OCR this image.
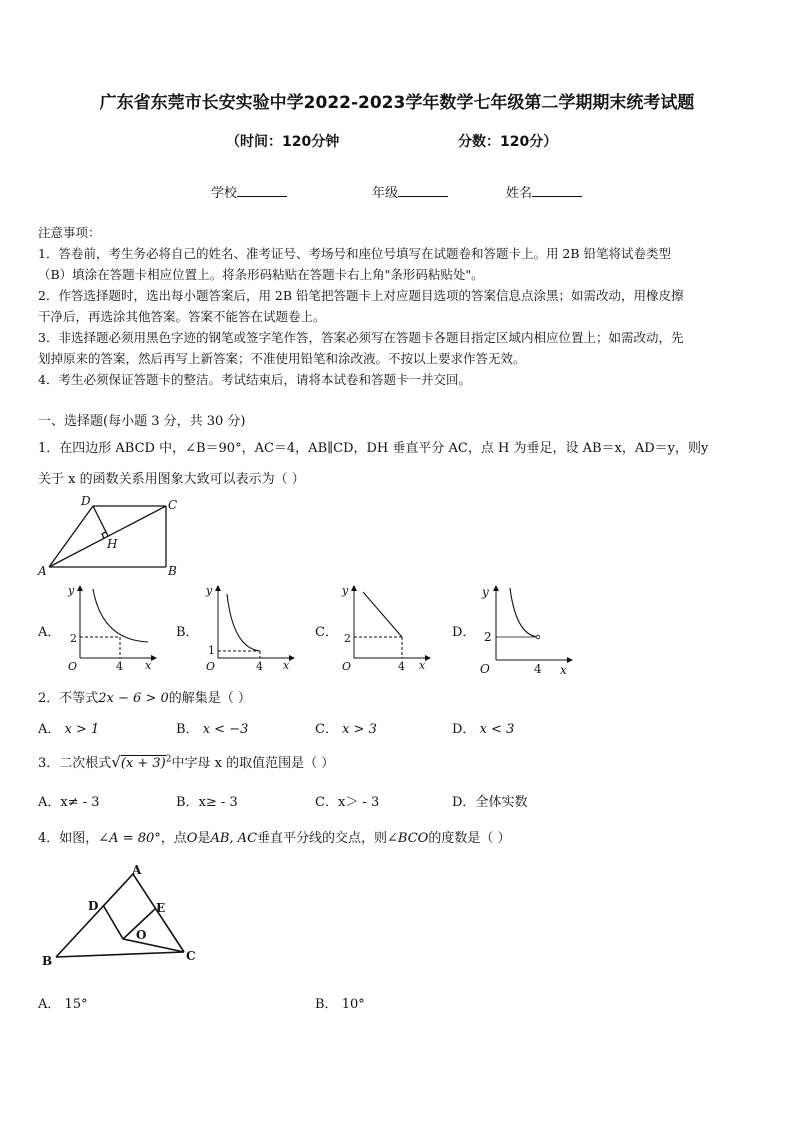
广东省东莞市长安实验中学2022-2023学年数学七年级第二学期期末统考试题
（时间：120分钟	分数：120分）
学校	年级	姓名
注意事项：
1．答卷前，考生务必将自己的姓名、准考证号、考场号和座位号填写在试题卷和答题卡上。用 2B 铅笔将试卷类型
（B）填涂在答题卡相应位置上。将条形码粘贴在答题卡右上角"条形码粘贴处"。
2．作答选择题时，选出每小题答案后，用 2B 铅笔把答题卡上对应题目选项的答案信息点涂黑；如需改动，用橡皮擦
干净后，再选涂其他答案。答案不能答在试题卷上。
3．非选择题必须用黑色字迹的钢笔或签字笔作答，答案必须写在答题卡各题目指定区域内相应位置上；如需改动，先
划掉原来的答案，然后再写上新答案；不准使用铅笔和涂改液。不按以上要求作答无效。
4．考生必须保证答题卡的整洁。考试结束后，请将本试卷和答题卡一并交回。
一、选择题(每小题 3 分，共 30 分)
1．在四边形 ABCD 中，∠B＝90°，AC＝4，AB∥CD，DH 垂直平分 AC，点 H 为垂足，设 AB＝x，AD＝y，则y
关于 x 的函数关系用图象大致可以表示为（ ）
A	B
C
D
H
A．	B．	C．	D．
y
x
O
2
4
y
x
O
1
4
y
x
O
2
4
y
x
O
2
4
2．不等式2x − 6 > 0的解集是（ ）
A． x > 1	B． x < −3	C． x > 3	D． x < 3
3．二次根式$√(x + 3)^2$中字母 x 的取值范围是（ ）
A．x≠ - 3	B．x≥ - 3	C．x＞ - 3	D．全体实数
4．如图，∠A = 80°，点O是AB, AC垂直平分线的交点，则∠BCO的度数是（ ）
A
B	C
D	E
O
A． 15°	B． 10°
